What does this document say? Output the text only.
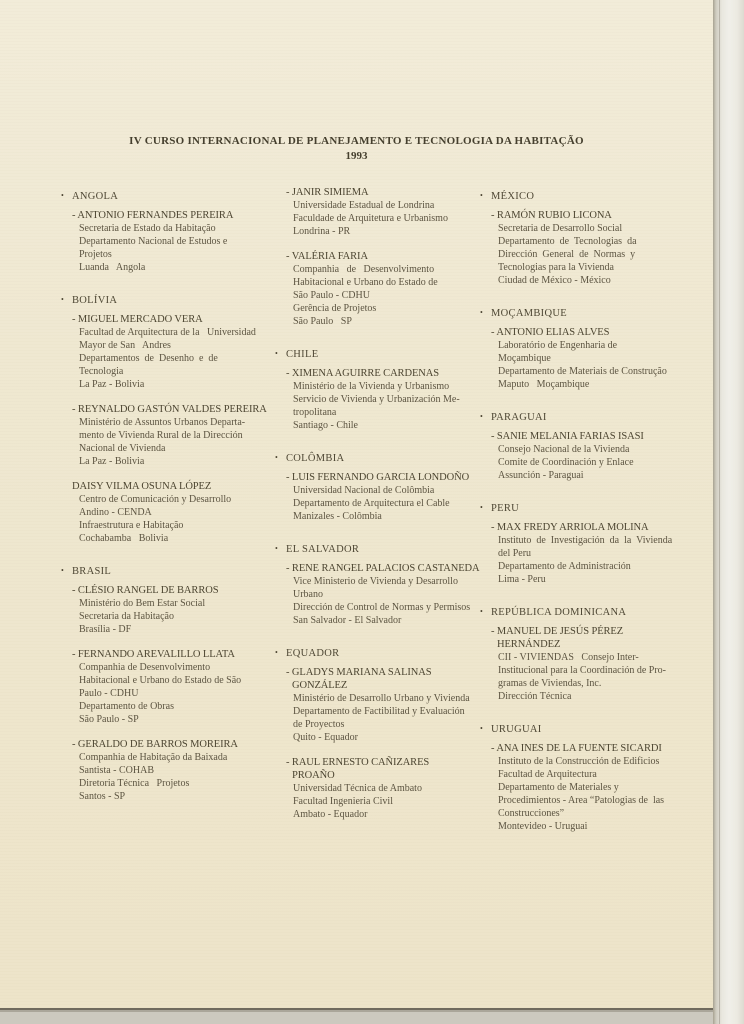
IV CURSO INTERNACIONAL DE PLANEJAMENTO E TECNOLOGIA DA HABITAÇÃO
1993
• ANGOLA
- ANTONIO FERNANDES PEREIRA
Secretaria de Estado da Habitação
Departamento Nacional de Estudos e
Projetos
Luanda   Angola
• BOLÍVIA
- MIGUEL MERCADO VERA
Facultad de Arquitectura de la   Universidad
Mayor de San   Andres
Departamentos  de  Desenho  e  de
Tecnologia
La Paz - Bolivia
- REYNALDO GASTÓN VALDES PEREIRA
Ministério de Assuntos Urbanos Departa-
mento de Vivienda Rural de la Dirección
Nacional de Vivienda
La Paz - Bolivia
DAISY VILMA OSUNA LÓPEZ
Centro de Comunicación y Desarrollo
Andino - CENDA
Infraestrutura e Habitação
Cochabamba   Bolivia
• BRASIL
- CLÉSIO RANGEL DE BARROS
Ministério do Bem Estar Social
Secretaria da Habitação
Brasília - DF
- FERNANDO AREVALILLO LLATA
Companhia de Desenvolvimento
Habitacional e Urbano do Estado de São
Paulo - CDHU
Departamento de Obras
São Paulo - SP
- GERALDO DE BARROS MOREIRA
Companhia de Habitação da Baixada
Santista - COHAB
Diretoria Técnica   Projetos
Santos - SP
- JANIR SIMIEMA
Universidade Estadual de Londrina
Faculdade de Arquitetura e Urbanismo
Londrina - PR
- VALÉRIA FARIA
Companhia   de   Desenvolvimento
Habitacional e Urbano do Estado de
São Paulo - CDHU
Gerência de Projetos
São Paulo   SP
• CHILE
- XIMENA AGUIRRE CARDENAS
Ministério de la Vivienda y Urbanismo
Servicio de Vivienda y Urbanización Me-
tropolitana
Santiago - Chile
• COLÔMBIA
- LUIS FERNANDO GARCIA LONDOÑO
Universidad Nacional de Colômbia
Departamento de Arquitectura el Cable
Manizales - Colômbia
• EL SALVADOR
- RENE RANGEL PALACIOS CASTANEDA
Vice Ministerio de Vivienda y Desarrollo
Urbano
Dirección de Control de Normas y Permisos
San Salvador - El Salvador
• EQUADOR
- GLADYS MARIANA SALINAS
GONZÁLEZ
Ministério de Desarrollo Urbano y Vivienda
Departamento de Factibilitad y Evaluación
de Proyectos
Quito - Equador
- RAUL ERNESTO CAÑIZARES
PROAÑO
Universidad Técnica de Ambato
Facultad Ingenieria Civil
Ambato - Equador
• MÉXICO
- RAMÓN RUBIO LICONA
Secretaria de Desarrollo Social
Departamento  de  Tecnologias  da
Dirección  General  de  Normas  y
Tecnologias para la Vivienda
Ciudad de México - México
• MOÇAMBIQUE
- ANTONIO ELIAS ALVES
Laboratório de Engenharia de
Moçambique
Departamento de Materiais de Construção
Maputo   Moçambique
• PARAGUAI
- SANIE MELANIA FARIAS ISASI
Consejo Nacional de la Vivienda
Comite de Coordinación y Enlace
Assunción - Paraguai
• PERU
- MAX FREDY ARRIOLA MOLINA
Instituto  de  Investigación  da  la  Vivienda
del Peru
Departamento de Administración
Lima - Peru
• REPÚBLICA DOMINICANA
- MANUEL DE JESÚS PÉREZ
HERNÁNDEZ
CII - VIVIENDAS   Consejo Inter-
Institucional para la Coordinación de Pro-
gramas de Viviendas, Inc.
Dirección Técnica
• URUGUAI
- ANA INES DE LA FUENTE SICARDI
Instituto de la Construcción de Edificios
Facultad de Arquitectura
Departamento de Materiales y
Procedimientos - Area “Patologias de  las
Construcciones”
Montevideo - Uruguai
